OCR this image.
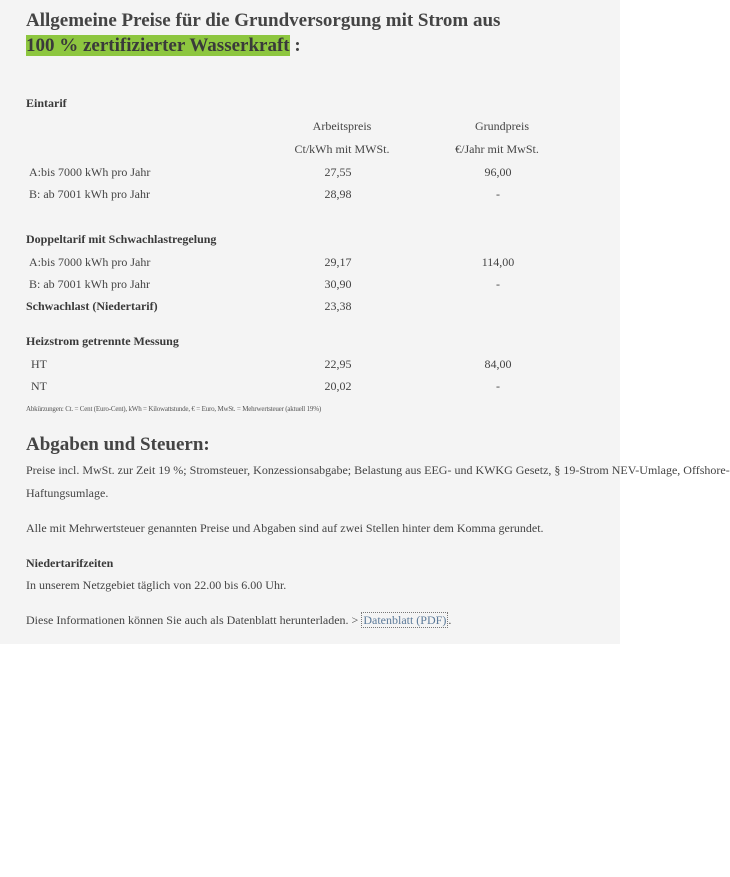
Allgemeine Preise für die Grundversorgung mit Strom aus
100 % zertifizierter Wasserkraft :
Eintarif
Arbeitspreis	Grundpreis
Ct/kWh mit MWSt.	€/Jahr mit MwSt.
A:bis 7000 kWh pro Jahr	27,55	96,00
B: ab 7001 kWh pro Jahr	28,98	-
Doppeltarif mit Schwachlastregelung
A:bis 7000 kWh pro Jahr	29,17	114,00
B: ab 7001 kWh pro Jahr	30,90	-
Schwachlast (Niedertarif)	23,38
Heizstrom getrennte Messung
HT	22,95	84,00
NT	20,02	-
Abkürzungen: Ct. = Cent (Euro-Cent), kWh = Kilowattstunde, € = Euro, MwSt. = Mehrwertsteuer (aktuell 19%)
Abgaben und Steuern:
Preise incl. MwSt. zur Zeit 19 %; Stromsteuer, Konzessionsabgabe; Belastung aus EEG- und KWKG Gesetz, § 19-Strom NEV-Umlage, Offshore-
Haftungsumlage.
Alle mit Mehrwertsteuer genannten Preise und Abgaben sind auf zwei Stellen hinter dem Komma gerundet.
Niedertarifzeiten
In unserem Netzgebiet täglich von 22.00 bis 6.00 Uhr.
Diese Informationen können Sie auch als Datenblatt herunterladen. > Datenblatt (PDF) .
